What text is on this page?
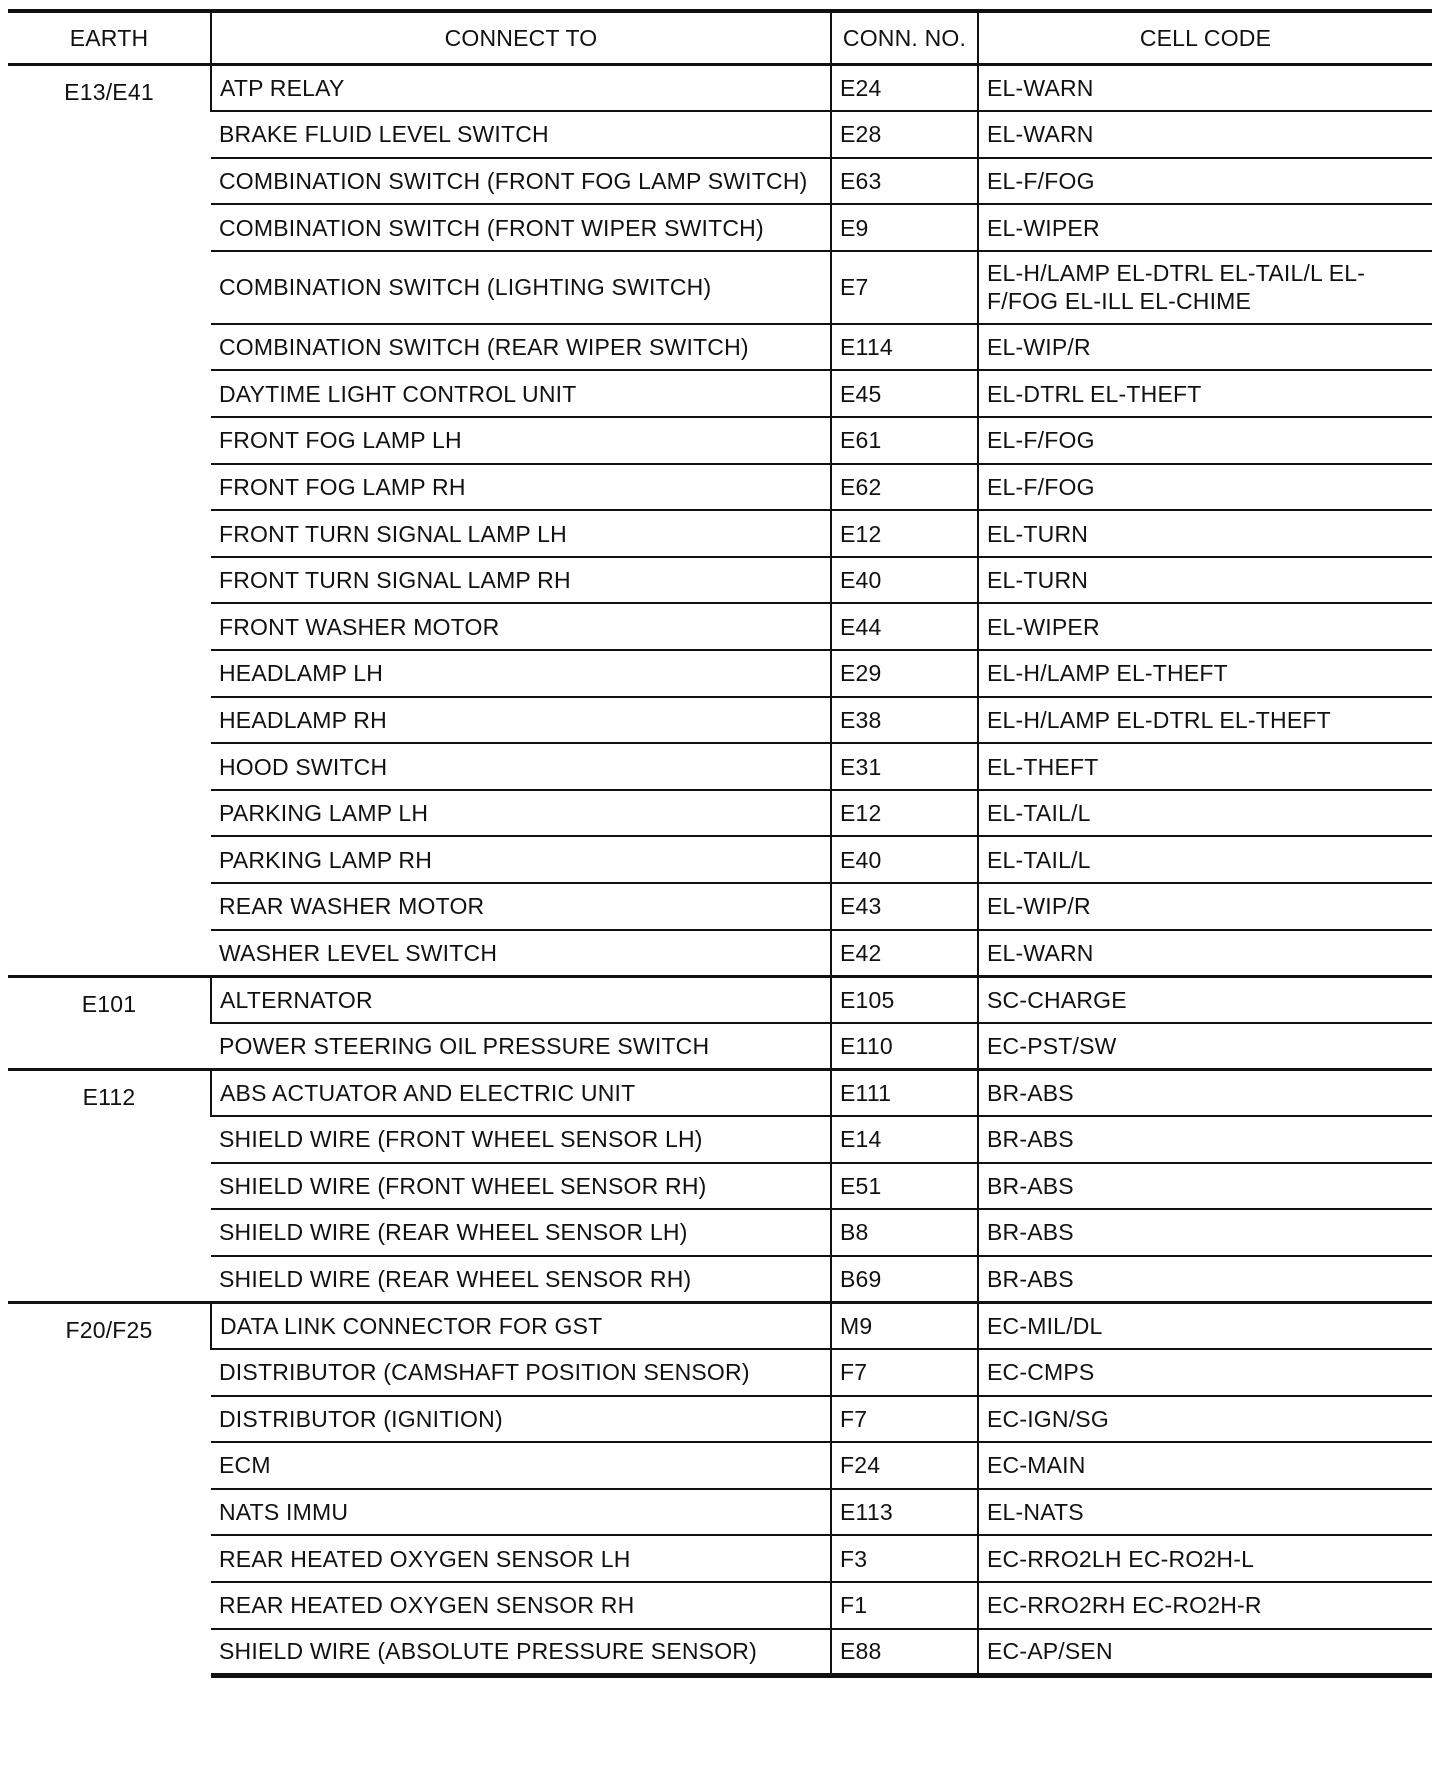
EARTH	CONNECT TO	CONN. NO.	CELL CODE
E13/E41	ATP RELAY	E24	EL-WARN
	BRAKE FLUID LEVEL SWITCH	E28	EL-WARN
	COMBINATION SWITCH (FRONT FOG LAMP SWITCH)	E63	EL-F/FOG
	COMBINATION SWITCH (FRONT WIPER SWITCH)	E9	EL-WIPER
	COMBINATION SWITCH (LIGHTING SWITCH)	E7	EL-H/LAMP EL-DTRL EL-TAIL/L EL-F/FOG EL-ILL EL-CHIME
	COMBINATION SWITCH (REAR WIPER SWITCH)	E114	EL-WIP/R
	DAYTIME LIGHT CONTROL UNIT	E45	EL-DTRL EL-THEFT
	FRONT FOG LAMP LH	E61	EL-F/FOG
	FRONT FOG LAMP RH	E62	EL-F/FOG
	FRONT TURN SIGNAL LAMP LH	E12	EL-TURN
	FRONT TURN SIGNAL LAMP RH	E40	EL-TURN
	FRONT WASHER MOTOR	E44	EL-WIPER
	HEADLAMP LH	E29	EL-H/LAMP EL-THEFT
	HEADLAMP RH	E38	EL-H/LAMP EL-DTRL EL-THEFT
	HOOD SWITCH	E31	EL-THEFT
	PARKING LAMP LH	E12	EL-TAIL/L
	PARKING LAMP RH	E40	EL-TAIL/L
	REAR WASHER MOTOR	E43	EL-WIP/R
	WASHER LEVEL SWITCH	E42	EL-WARN
E101	ALTERNATOR	E105	SC-CHARGE
	POWER STEERING OIL PRESSURE SWITCH	E110	EC-PST/SW
E112	ABS ACTUATOR AND ELECTRIC UNIT	E111	BR-ABS
	SHIELD WIRE (FRONT WHEEL SENSOR LH)	E14	BR-ABS
	SHIELD WIRE (FRONT WHEEL SENSOR RH)	E51	BR-ABS
	SHIELD WIRE (REAR WHEEL SENSOR LH)	B8	BR-ABS
	SHIELD WIRE (REAR WHEEL SENSOR RH)	B69	BR-ABS
F20/F25	DATA LINK CONNECTOR FOR GST	M9	EC-MIL/DL
	DISTRIBUTOR (CAMSHAFT POSITION SENSOR)	F7	EC-CMPS
	DISTRIBUTOR (IGNITION)	F7	EC-IGN/SG
	ECM	F24	EC-MAIN
	NATS IMMU	E113	EL-NATS
	REAR HEATED OXYGEN SENSOR LH	F3	EC-RRO2LH EC-RO2H-L
	REAR HEATED OXYGEN SENSOR RH	F1	EC-RRO2RH EC-RO2H-R
	SHIELD WIRE (ABSOLUTE PRESSURE SENSOR)	E88	EC-AP/SEN
